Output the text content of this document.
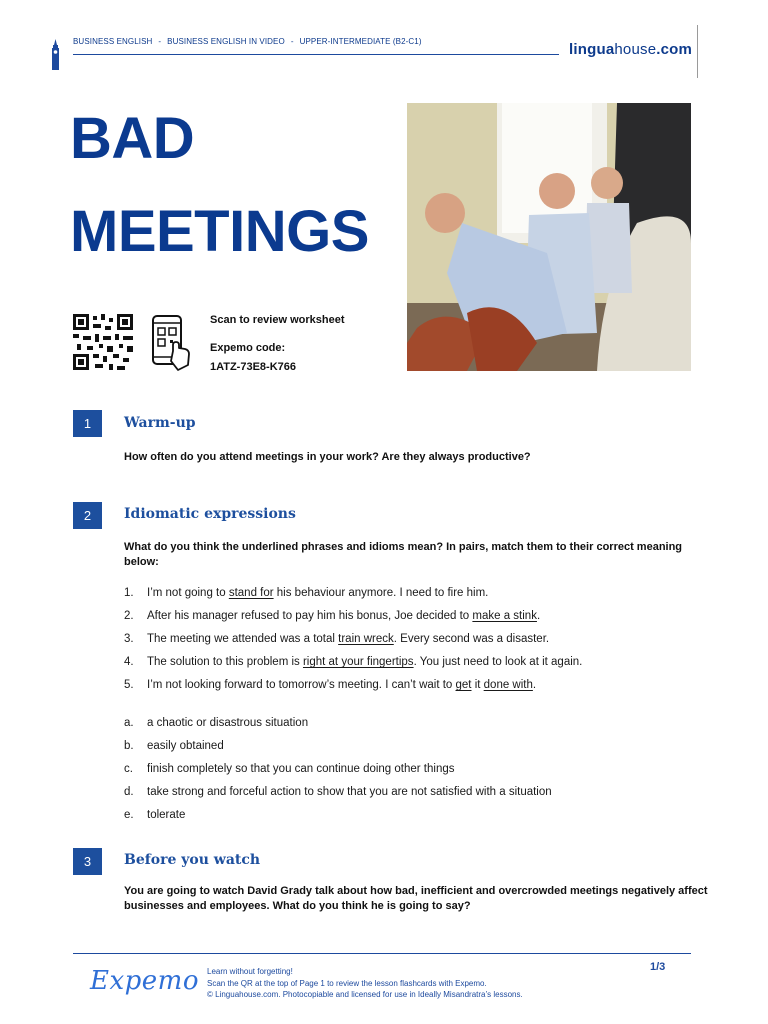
BUSINESS ENGLISH - BUSINESS ENGLISH IN VIDEO - UPPER-INTERMEDIATE (B2-C1)	linguahouse.com
BAD
MEETINGS
Scan to review worksheet
Expemo code:
1ATZ-73E8-K766
1	Warm-up
How often do you attend meetings in your work? Are they always productive?
2	Idiomatic expressions
What do you think the underlined phrases and idioms mean? In pairs, match them to their correct meaning below:
1. I’m not going to stand for his behaviour anymore. I need to fire him.
2. After his manager refused to pay him his bonus, Joe decided to make a stink.
3. The meeting we attended was a total train wreck. Every second was a disaster.
4. The solution to this problem is right at your fingertips. You just need to look at it again.
5. I’m not looking forward to tomorrow’s meeting. I can’t wait to get it done with.
a. a chaotic or disastrous situation
b. easily obtained
c. finish completely so that you can continue doing other things
d. take strong and forceful action to show that you are not satisfied with a situation
e. tolerate
3	Before you watch
You are going to watch David Grady talk about how bad, inefficient and overcrowded meetings negatively affect businesses and employees. What do you think he is going to say?
Expemo Learn without forgetting!
Scan the QR at the top of Page 1 to review the lesson flashcards with Expemo.
© Linguahouse.com. Photocopiable and licensed for use in Ideally Misandratra’s lessons.
1/3
